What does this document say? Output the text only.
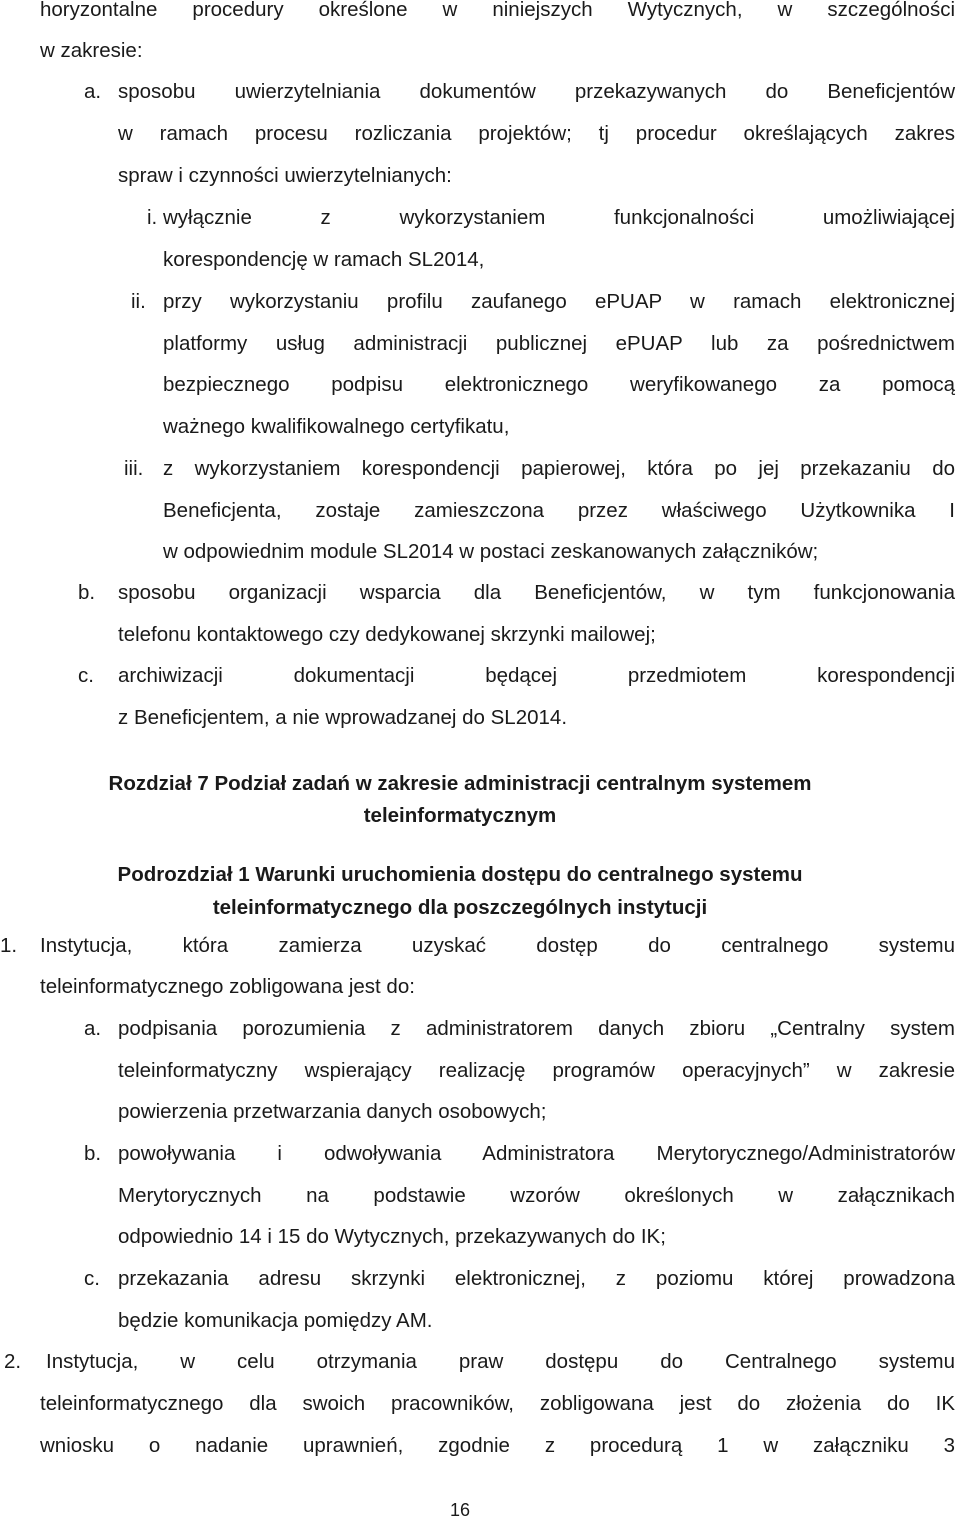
horyzontalne procedury określone w niniejszych Wytycznych, w szczególności

w zakresie:

a. sposobu uwierzytelniania dokumentów przekazywanych do Beneficjentów

w ramach procesu rozliczania projektów; tj procedur określających zakres

spraw i czynności uwierzytelnianych:

i. wyłącznie z wykorzystaniem funkcjonalności umożliwiającej

korespondencję w ramach SL2014,

ii. przy wykorzystaniu profilu zaufanego ePUAP w ramach elektronicznej

platformy usług administracji publicznej ePUAP lub za pośrednictwem

bezpiecznego podpisu elektronicznego weryfikowanego za pomocą

ważnego kwalifikowalnego certyfikatu,

iii. z wykorzystaniem korespondencji papierowej, która po jej przekazaniu do

Beneficjenta, zostaje zamieszczona przez właściwego Użytkownika I

w odpowiednim module SL2014 w postaci zeskanowanych załączników;

b. sposobu organizacji wsparcia dla Beneficjentów, w tym funkcjonowania

telefonu kontaktowego czy dedykowanej skrzynki mailowej;

c. archiwizacji dokumentacji będącej przedmiotem korespondencji

z Beneficjentem, a nie wprowadzanej do SL2014.

Rozdział 7 Podział zadań w zakresie administracji centralnym systemem
teleinformatycznym
Podrozdział 1 Warunki uruchomienia dostępu do centralnego systemu
teleinformatycznego dla poszczególnych instytucji
1. Instytucja, która zamierza uzyskać dostęp do centralnego systemu

teleinformatycznego zobligowana jest do:

a. podpisania porozumienia z administratorem danych zbioru „Centralny system

teleinformatyczny wspierający realizację programów operacyjnych” w zakresie

powierzenia przetwarzania danych osobowych;

b. powoływania i odwoływania Administratora Merytorycznego/Administratorów

Merytorycznych na podstawie wzorów określonych w załącznikach

odpowiednio 14 i 15 do Wytycznych, przekazywanych do IK;

c. przekazania adresu skrzynki elektronicznej, z poziomu której prowadzona

będzie komunikacja pomiędzy AM.

2. Instytucja, w celu otrzymania praw dostępu do Centralnego systemu

teleinformatycznego dla swoich pracowników, zobligowana jest do złożenia do IK

wniosku o nadanie uprawnień, zgodnie z procedurą 1 w załączniku 3

16
